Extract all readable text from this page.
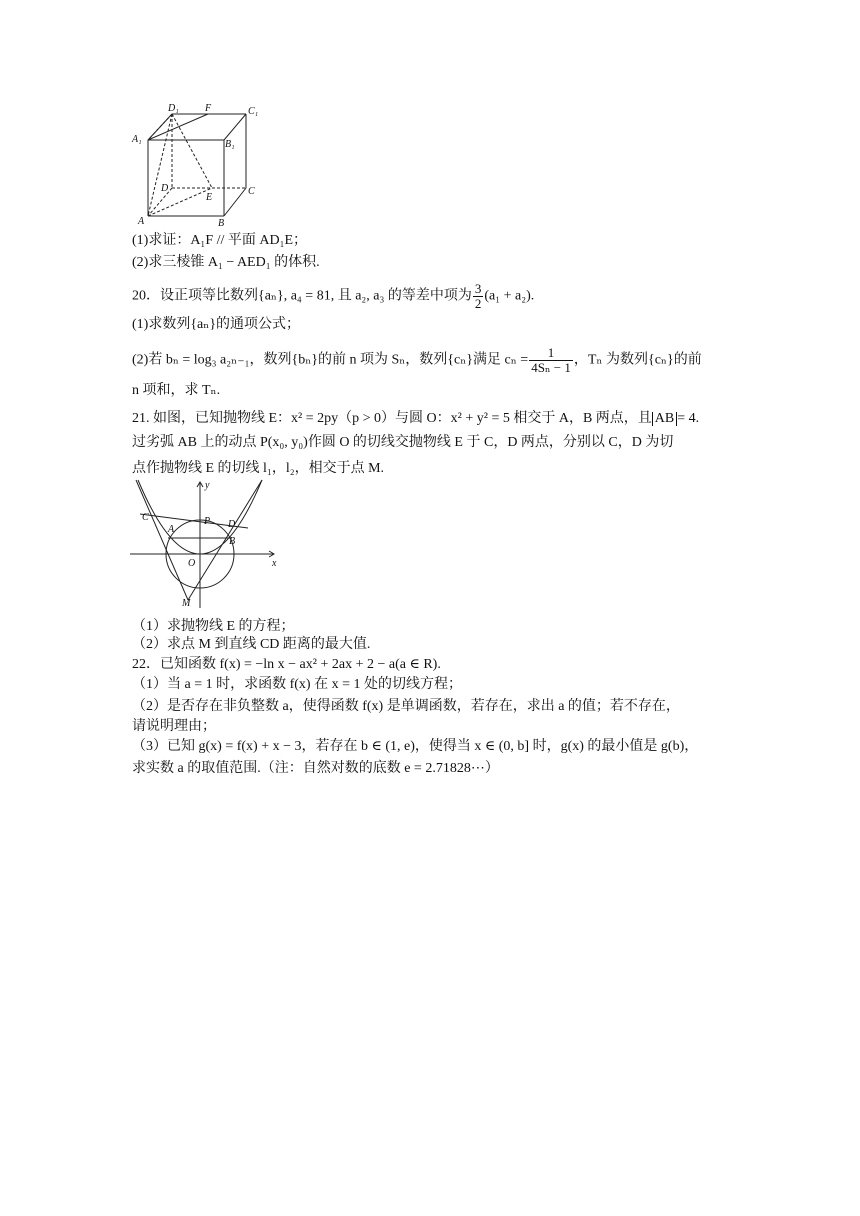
D₁	F	C₁
A₁	B₁
D
E
C
A	B
(1)求证：A₁F // 平面 AD₁E；
(2)求三棱锥 A₁ − AED₁ 的体积.
20．设正项等比数列{aₙ}, a₄ = 81, 且 a₂, a₃ 的等差中项为 $\frac{3}{2} (a_1 + a_2)$.
(1)求数列{aₙ}的通项公式；
(2)若 bₙ = log₃ a₂ₙ₋₁，数列{bₙ}的前 n 项为 Sₙ，数列{cₙ}满足 $c_n = \frac{1}{\text{4Sₙ − 1}}$ ，Tₙ 为数列{cₙ}的前
n 项和，求 Tₙ.
21. 如图，已知抛物线 E：x² = 2py（p > 0）与圆 O：x² + y² = 5 相交于 A，B 两点，且 AB = 4.
过劣弧 AB 上的动点 P(x₀, y₀)作圆 O 的切线交抛物线 E 于 C，D 两点，分别以 C，D 为切
点作抛物线 E 的切线 l₁，l₂，相交于点 M.
y
x
C
A
P D
B
O
M
（1）求抛物线 E 的方程；
（2）求点 M 到直线 CD 距离的最大值.
22．已知函数 f(x) = −ln x − ax² + 2ax + 2 − a(a ∈ R).
（1）当 a = 1 时，求函数 f(x) 在 x = 1 处的切线方程；
（2）是否存在非负整数 a，使得函数 f(x) 是单调函数，若存在，求出 a 的值；若不存在，
请说明理由；
（3）已知 g(x) = f(x) + x − 3，若存在 b ∈ (1, e)，使得当 x ∈ (0, b] 时，g(x) 的最小值是 g(b)，
求实数 a 的取值范围.（注：自然对数的底数 e = 2.71828⋯）
